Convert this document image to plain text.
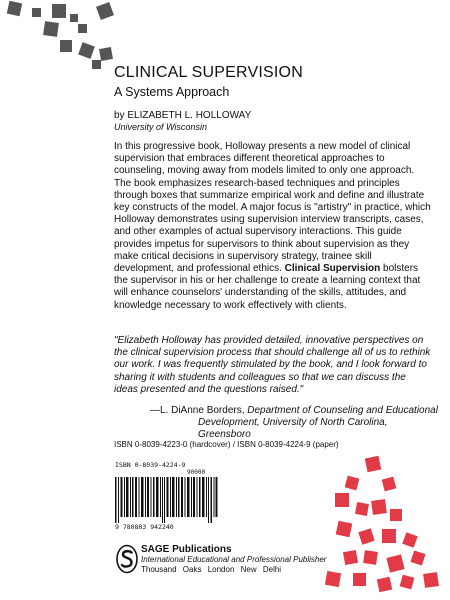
CLINICAL SUPERVISION
A Systems Approach
by ELIZABETH L. HOLLOWAY
University of Wisconsin
In this progressive book, Holloway presents a new model of clinical supervision that embraces different theoretical approaches to counseling, moving away from models limited to only one approach. The book emphasizes research-based techniques and principles through boxes that summarize empirical work and define and illustrate key constructs of the model. A major focus is "artistry" in practice, which Holloway demonstrates using supervision interview transcripts, cases, and other examples of actual supervisory interactions. This guide provides impetus for supervisors to think about supervision as they make critical decisions in supervisory strategy, trainee skill development, and professional ethics. Clinical Supervision bolsters the supervisor in his or her challenge to create a learning context that will enhance counselors' understanding of the skills, attitudes, and knowledge necessary to work effectively with clients.
"Elizabeth Holloway has provided detailed, innovative perspectives on the clinical supervision process that should challenge all of us to rethink our work. I was frequently stimulated by the book, and I look forward to sharing it with students and colleagues so that we can discuss the ideas presented and the questions raised."
—L. DiAnne Borders, Department of Counseling and Educational
Development, University of North Carolina, Greensboro
ISBN 0-8039-4223-0 (hardcover) / ISBN 0-8039-4224-9 (paper)
ISBN 0-8039-4224-9
90000
9 780803 942240
SAGE Publications
International Educational and Professional Publisher
Thousand Oaks London New Delhi
